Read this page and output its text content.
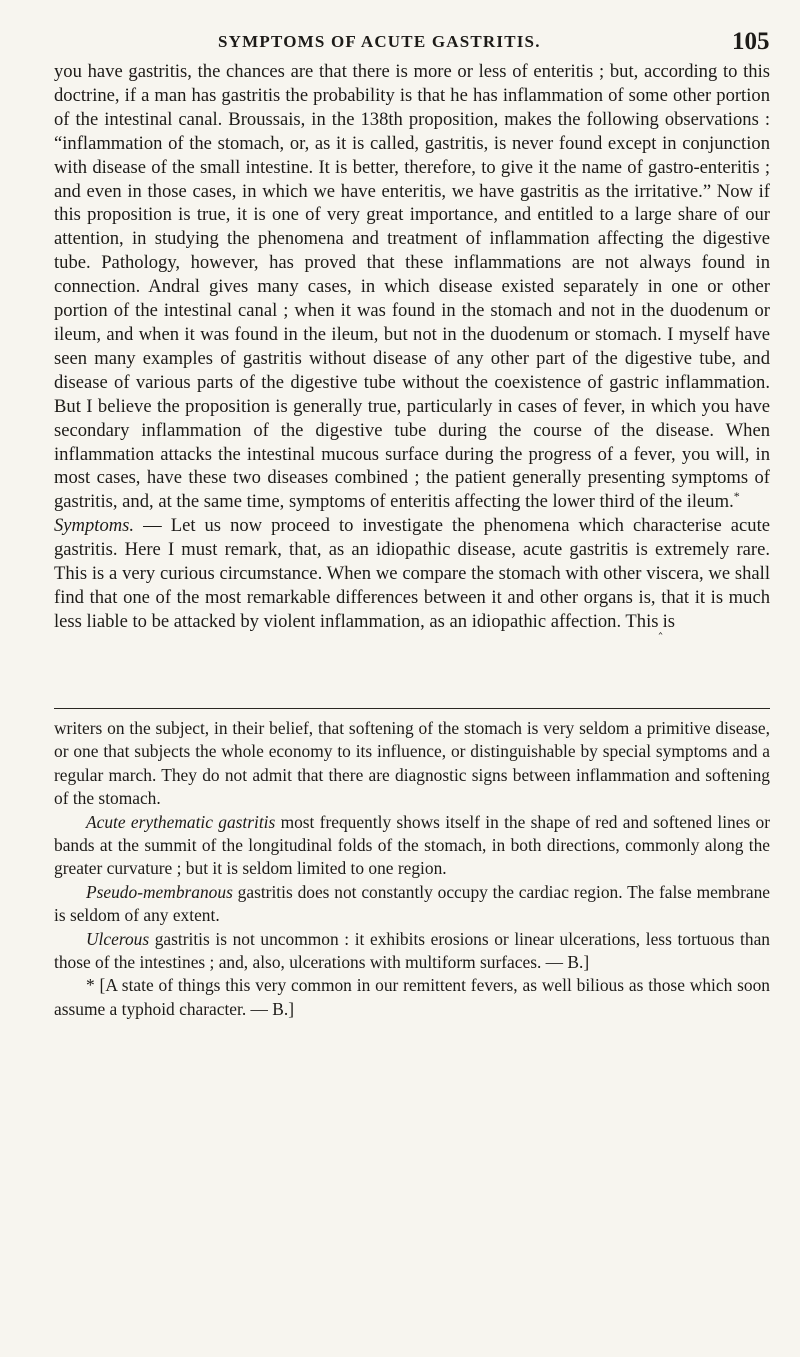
SYMPTOMS OF ACUTE GASTRITIS.	105

you have gastritis, the chances are that there is more or less of enteritis ; but, according to this doctrine, if a man has gastritis the probability is that he has inflammation of some other portion of the intestinal canal. Broussais, in the 138th proposition, makes the following observations : “inflammation of the stomach, or, as it is called, gastritis, is never found except in conjunction with disease of the small intestine. It is better, therefore, to give it the name of gastro-enteritis ; and even in those cases, in which we have enteritis, we have gastritis as the irritative.” Now if this proposition is true, it is one of very great importance, and entitled to a large share of our attention, in studying the phenomena and treatment of inflammation affecting the digestive tube. Pathology, however, has proved that these inflammations are not always found in connection. Andral gives many cases, in which disease existed separately in one or other portion of the intestinal canal ; when it was found in the stomach and not in the duodenum or ileum, and when it was found in the ileum, but not in the duodenum or stomach. I myself have seen many examples of gastritis without disease of any other part of the digestive tube, and disease of various parts of the digestive tube without the coexistence of gastric inflammation. But I believe the proposition is generally true, particularly in cases of fever, in which you have secondary inflammation of the digestive tube during the course of the disease. When inflammation attacks the intestinal mucous surface during the progress of a fever, you will, in most cases, have these two diseases combined ; the patient generally presenting symptoms of gastritis, and, at the same time, symptoms of enteritis affecting the lower third of the ileum.*

Symptoms. — Let us now proceed to investigate the phenomena which characterise acute gastritis. Here I must remark, that, as an idiopathic disease, acute gastritis is extremely rare. This is a very curious circumstance. When we compare the stomach with other viscera, we shall find that one of the most remarkable differences between it and other organs is, that it is much less liable to be attacked by violent inflammation, as an idiopathic affection. This$_‸$is

writers on the subject, in their belief, that softening of the stomach is very seldom a primitive disease, or one that subjects the whole economy to its influence, or distinguishable by special symptoms and a regular march. They do not admit that there are diagnostic signs between inflammation and softening of the stomach.

Acute erythematic gastritis most frequently shows itself in the shape of red and softened lines or bands at the summit of the longitudinal folds of the stomach, in both directions, commonly along the greater curvature ; but it is seldom limited to one region.

Pseudo-membranous gastritis does not constantly occupy the cardiac region. The false membrane is seldom of any extent.

Ulcerous gastritis is not uncommon : it exhibits erosions or linear ulcerations, less tortuous than those of the intestines ; and, also, ulcerations with multiform surfaces. — B.]

* [A state of things this very common in our remittent fevers, as well bilious as those which soon assume a typhoid character. — B.]
